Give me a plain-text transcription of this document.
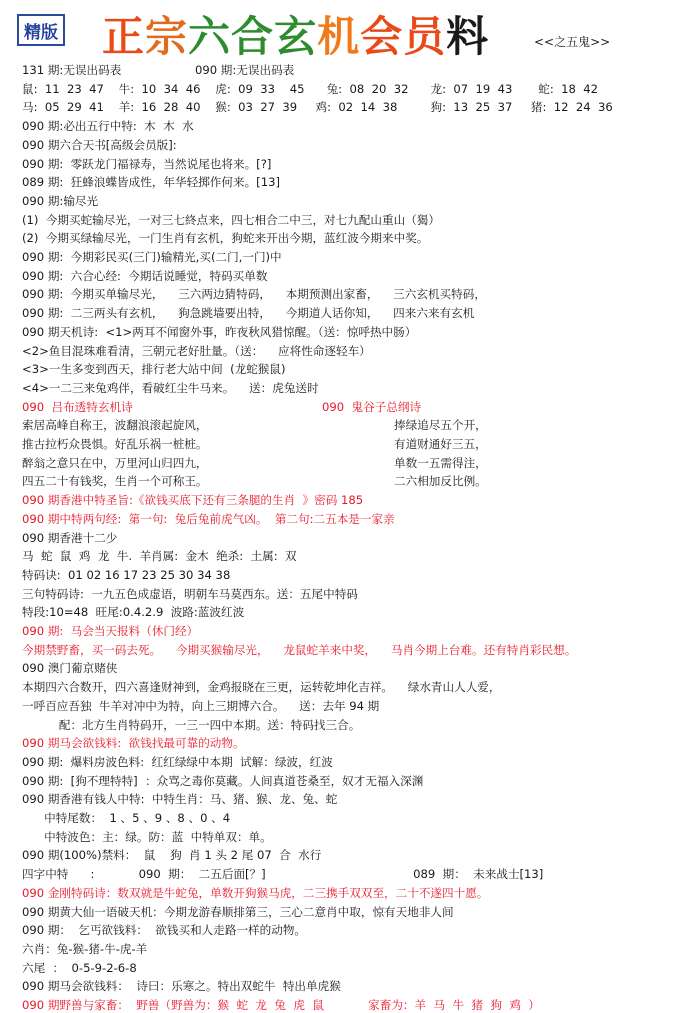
精版 正宗六合玄机会员料	<<之五鬼>>
131 期:无误出码表                    090 期:无误出码表
鼠:  11  23  47    牛:  10  34  46    虎:  09  33    45      兔:  08  20  32      龙:  07  19  43       蛇:  18  42
马:  05  29  41    羊:  16  28  40    猴:  03  27  39     鸡:  02  14  38         狗:  13  25  37     猪:  12  24  36
090 期:必出五行中特:  木  木  水
090 期六合天书[高级会员版]:
090 期:  零跃龙门福禄寿，当然说尾也将来。[?]
089 期:  狂蜂浪蝶皆成性，年华轻掷作何来。[13]
090 期:输尽光
(1)  今期买蛇输尽光，一对三七終点来，四七相合二中三，对七九配山重山（猲）
(2)  今期买绿输尽光，一门生肖有玄机，狗蛇来开出今期，蓝红波今期来中奖。
090 期:  今期彩民买(三门)输精光,买(二门,一门)中
090 期:  六合心经:  今期话说睡觉，特码买单数
090 期:  今期买单输尽光，    三六两边猜特码，    本期预测出家畜，    三六玄机买特码，
090 期:  二三两头有玄机，    狗急跳墙要出特，    今期道人话你知，    四来六来有玄机
090 期天机诗:  <1>两耳不闻窗外事，昨夜秋风猎惊醒。（送：惊呼热中肠）
<2>鱼目混珠难看清，三朝元老好肚量。（送：    应将性命逐轻车）
<3>一生多变到西天，排行老大站中间  (龙蛇猴鼠)
<4>一二三来兔鸡伴，看破红尘牛马来。    送：虎兔送时
090  吕布透特玄机诗	090  鬼谷子总纲诗
索居高峰自称王，波翻浪滚起旋风，	捧绿追尽五个开，
推古拉朽众畏惧。好乱乐祸一桩桩。	有道财通好三五，
醉翁之意只在中，万里河山归四九，	单数一五需得注，
四五二十有钱奖，生肖一个可称王。	二六相加反比例。
090 期香港中特圣旨:《欲钱买底下还有三条腿的生肖  》密码 185
090 期中特两句经:  第一句:  兔后兔前虎气凶。  第二句:二五本是一家亲
090 期香港十二少
马  蛇  鼠  鸡  龙  牛.  羊肖属:  金木  绝杀:  土属:  双
特码诀:  01 02 16 17 23 25 30 34 38
三句特码诗:  一九五色成虚语，明朝车马莫西东。送：五尾中特码
特段:10=48  旺尾:0.4.2.9  波路:蓝波红波
090 期:  马会当天报料（休门经）
今期禁野畜，买一码去死。    今期买猴输尽光，    龙鼠蛇羊来中奖，    马肖今期上台难。还有特肖彩民想。
090 澳门葡京赌侠
本期四六合数开，四六喜逢财神到，金鸡报晓在三更，运转乾坤化吉祥。    绿水青山人人爱，
一呼百应吾独  牛羊对冲中为特，向上三期博六合。    送：去年 94 期
配：北方生肖特码开，一三一四中本期。送：特码找三合。
090 期马会欲钱料:  欲钱找最可靠的动物。
090 期:  爆料房波色料:  红红绿绿中本期  试解：绿波，红波
090 期:  [狗不理特特]  ：众骂之毒你莫藏。人间真道苍桑至，奴才无福入深渊
090 期香港有钱人中特:  中特生肖：马、猪、猴、龙、兔、蛇
中特尾数：  1 、5 、9 、8 、0 、4
中特波色：主：绿。防：蓝  中特单双：单。
090 期(100%)禁料：  鼠    狗  肖 1 头 2 尾 07  合  水行
四字中特      :            090  期：  二五后面[？]                                        089  期：  未来战士[13]
090 金刚特码诗：数双就是牛蛇兔，单数开狗猴马虎，二三携手双双至，二十不遂四十愿。
090 期黄大仙一语破天机：今期龙游春顺排第三，三心二意肖中取，惊有天地非人间
090 期：  乞丐欲钱料：  欲钱买和人走路一样的动物。
六肖：兔-猴-猪-牛-虎-羊
六尾  ：  0-5-9-2-6-8
090 期马会欲钱料：  诗曰：乐寒之。特出双蛇牛  特出单虎猴
090 期野兽与家畜：  野兽（野兽为：猴  蛇  龙  兔  虎  鼠            家畜为：羊  马  牛  猪  狗  鸡  ）
